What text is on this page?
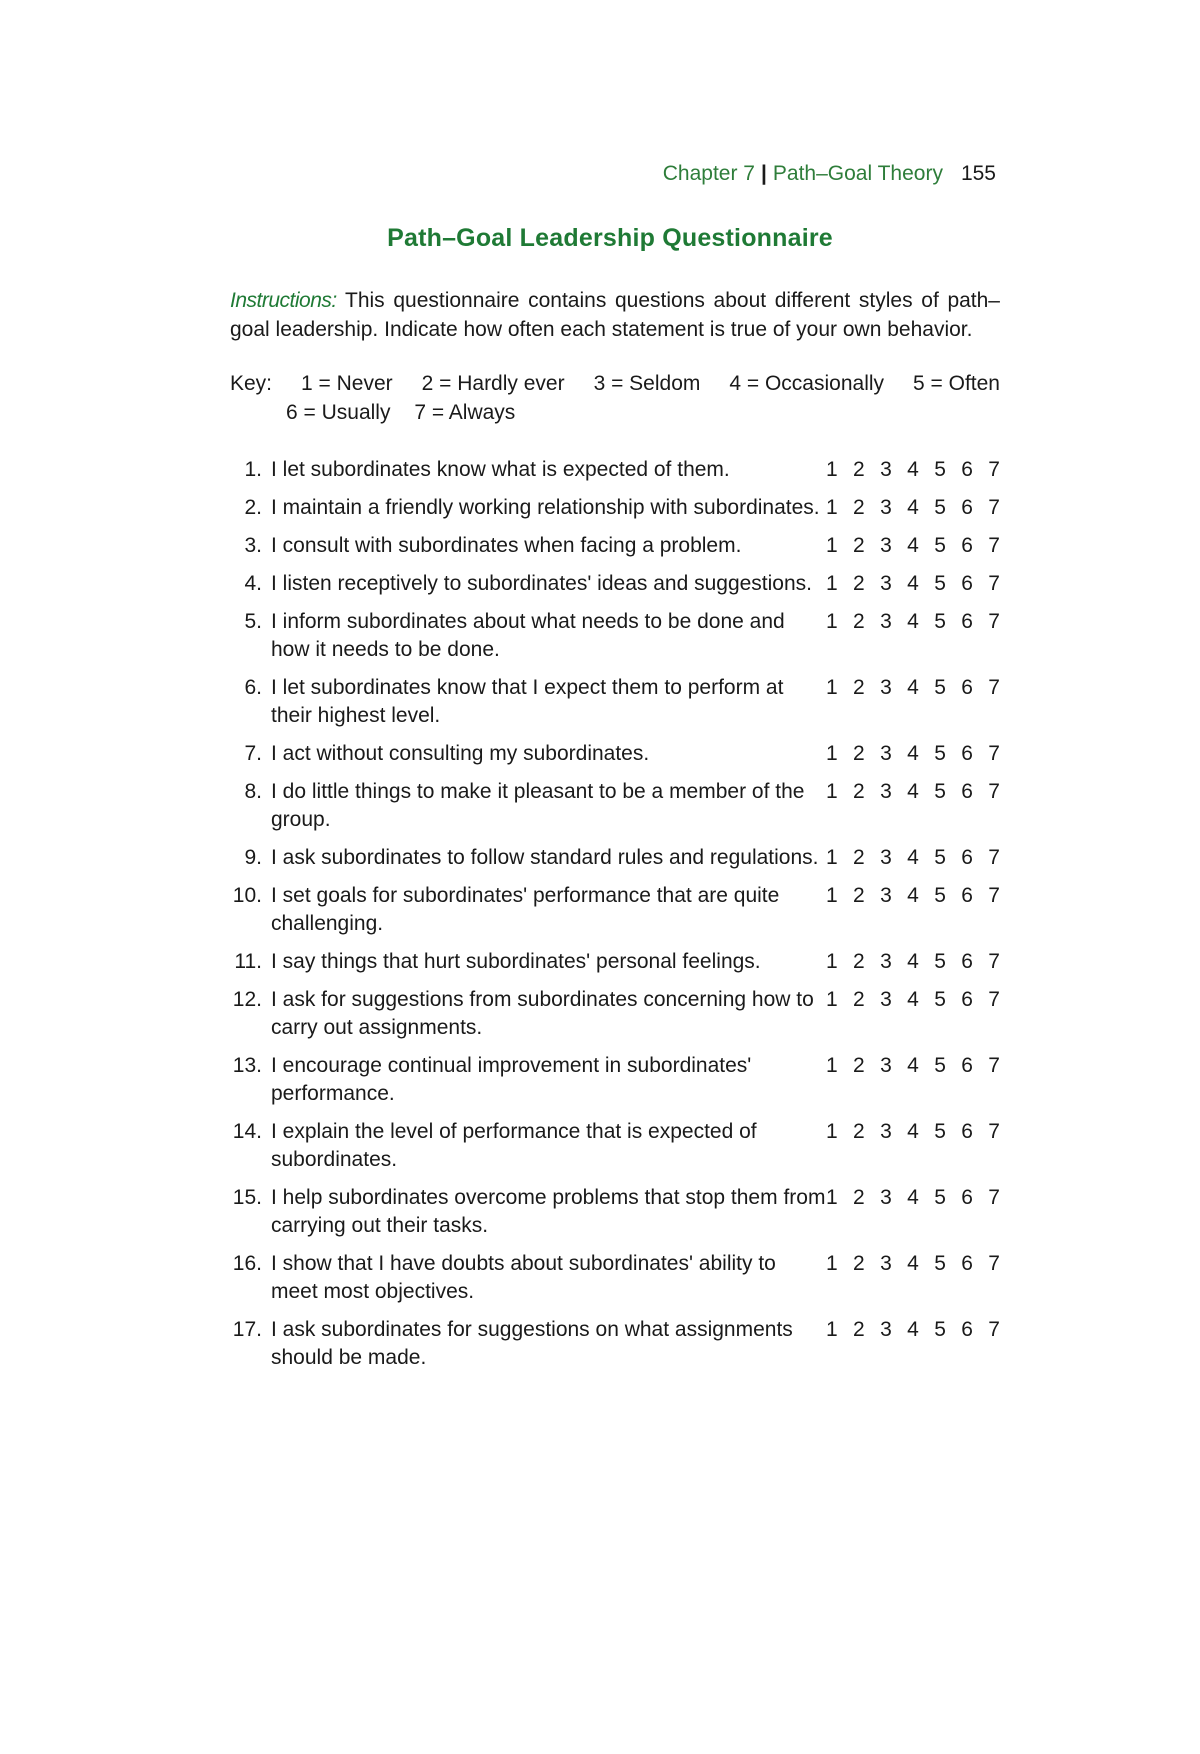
Chapter 7 | Path–Goal Theory 155
Path–Goal Leadership Questionnaire
Instructions: This questionnaire contains questions about different styles of path–goal leadership. Indicate how often each statement is true of your own behavior.
Key: 1 = Never 2 = Hardly ever 3 = Seldom 4 = Occasionally 5 = Often
6 = Usually 7 = Always
1. I let subordinates know what is expected of them.	1 2 3 4 5 6 7
2. I maintain a friendly working relationship with subordinates. 1 2 3 4 5 6 7
3. I consult with subordinates when facing a problem.	1 2 3 4 5 6 7
4. I listen receptively to subordinates' ideas and suggestions. 1 2 3 4 5 6 7
5. I inform subordinates about what needs to be done and how it needs to be done.
1 2 3 4 5 6 7
6. I let subordinates know that I expect them to perform at their highest level.
1 2 3 4 5 6 7
7. I act without consulting my subordinates.	1 2 3 4 5 6 7
8. I do little things to make it pleasant to be a member of the group.
1 2 3 4 5 6 7
9. I ask subordinates to follow standard rules and regulations. 1 2 3 4 5 6 7
10. I set goals for subordinates' performance that are quite challenging.
1 2 3 4 5 6 7
11. I say things that hurt subordinates' personal feelings.	1 2 3 4 5 6 7
12. I ask for suggestions from subordinates concerning how to carry out assignments.
1 2 3 4 5 6 7
13. I encourage continual improvement in subordinates' performance.
1 2 3 4 5 6 7
14. I explain the level of performance that is expected of subordinates.
1 2 3 4 5 6 7
15. I help subordinates overcome problems that stop them from carrying out their tasks.
1 2 3 4 5 6 7
16. I show that I have doubts about subordinates' ability to meet most objectives.
1 2 3 4 5 6 7
17. I ask subordinates for suggestions on what assignments should be made.
1 2 3 4 5 6 7
